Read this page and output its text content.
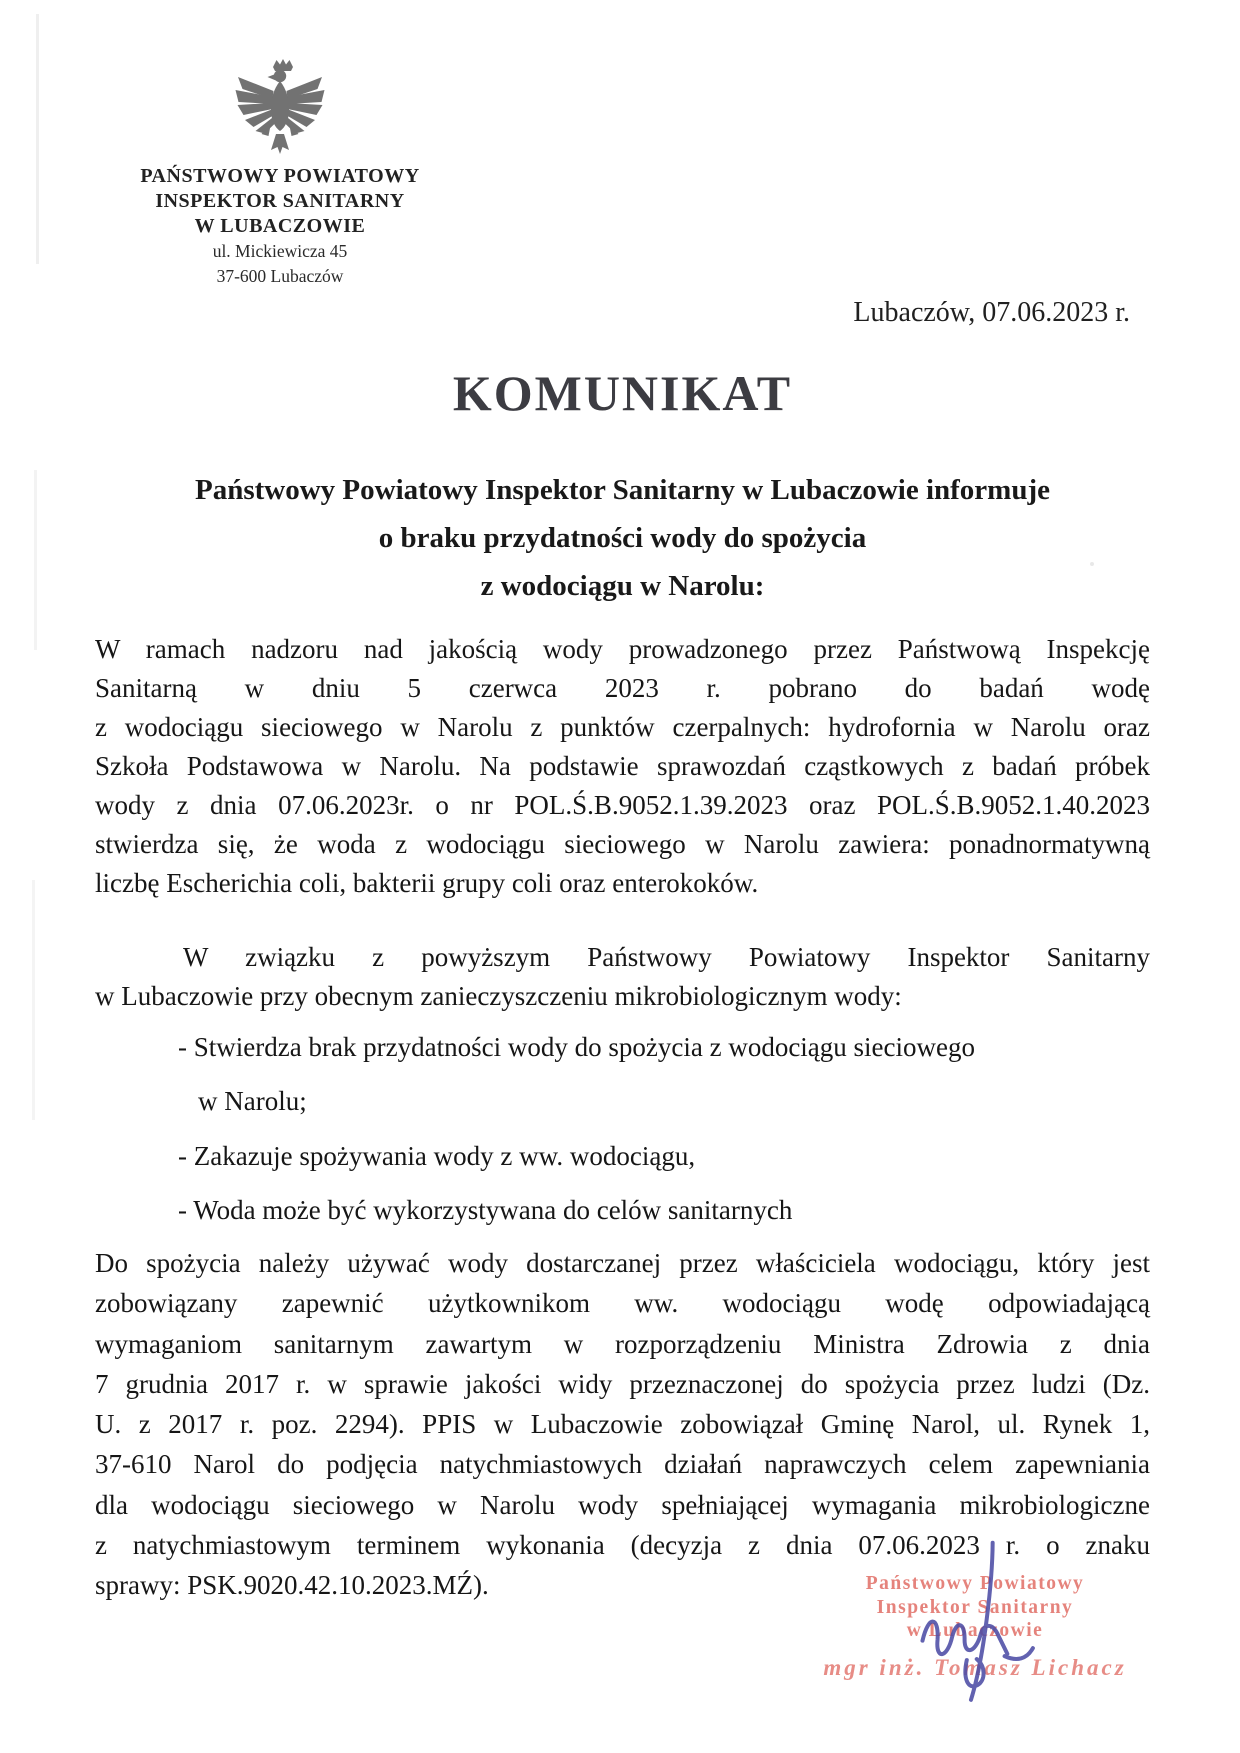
PAŃSTWOWY POWIATOWY
INSPEKTOR SANITARNY
W LUBACZOWIE
ul. Mickiewicza 45
37-600 Lubaczów
Lubaczów, 07.06.2023 r.
KOMUNIKAT
Państwowy Powiatowy Inspektor Sanitarny w Lubaczowie informuje
o braku przydatności wody do spożycia
z wodociągu w Narolu:
W ramach nadzoru nad jakością wody prowadzonego przez Państwową Inspekcję
Sanitarną w dniu 5 czerwca 2023 r. pobrano do badań wodę
z wodociągu sieciowego w Narolu z punktów czerpalnych: hydrofornia w Narolu oraz
Szkoła Podstawowa w Narolu. Na podstawie sprawozdań cząstkowych z badań próbek
wody z dnia 07.06.2023r. o nr POL.Ś.B.9052.1.39.2023 oraz POL.Ś.B.9052.1.40.2023
stwierdza się, że woda z wodociągu sieciowego w Narolu zawiera: ponadnormatywną
liczbę Escherichia coli, bakterii grupy coli oraz enterokoków.
W związku z powyższym Państwowy Powiatowy Inspektor Sanitarny
w Lubaczowie przy obecnym zanieczyszczeniu mikrobiologicznym wody:
- Stwierdza brak przydatności wody do spożycia z wodociągu sieciowego
w Narolu;
- Zakazuje spożywania wody z ww. wodociągu,
- Woda może być wykorzystywana do celów sanitarnych
Do spożycia należy używać wody dostarczanej przez właściciela wodociągu, który jest
zobowiązany zapewnić użytkownikom ww. wodociągu wodę odpowiadającą
wymaganiom sanitarnym zawartym w rozporządzeniu Ministra Zdrowia z dnia
7 grudnia 2017 r. w sprawie jakości widy przeznaczonej do spożycia przez ludzi (Dz.
U. z 2017 r. poz. 2294). PPIS w Lubaczowie zobowiązał Gminę Narol, ul. Rynek 1,
37-610 Narol do podjęcia natychmiastowych działań naprawczych celem zapewniania
dla wodociągu sieciowego w Narolu wody spełniającej wymagania mikrobiologiczne
z natychmiastowym terminem wykonania (decyzja z dnia 07.06.2023 r. o znaku
sprawy: PSK.9020.42.10.2023.MŹ).	Państwowy Powiatowy
Inspektor Sanitarny
w Lubaczowie
mgr inż. Tomasz Lichacz
